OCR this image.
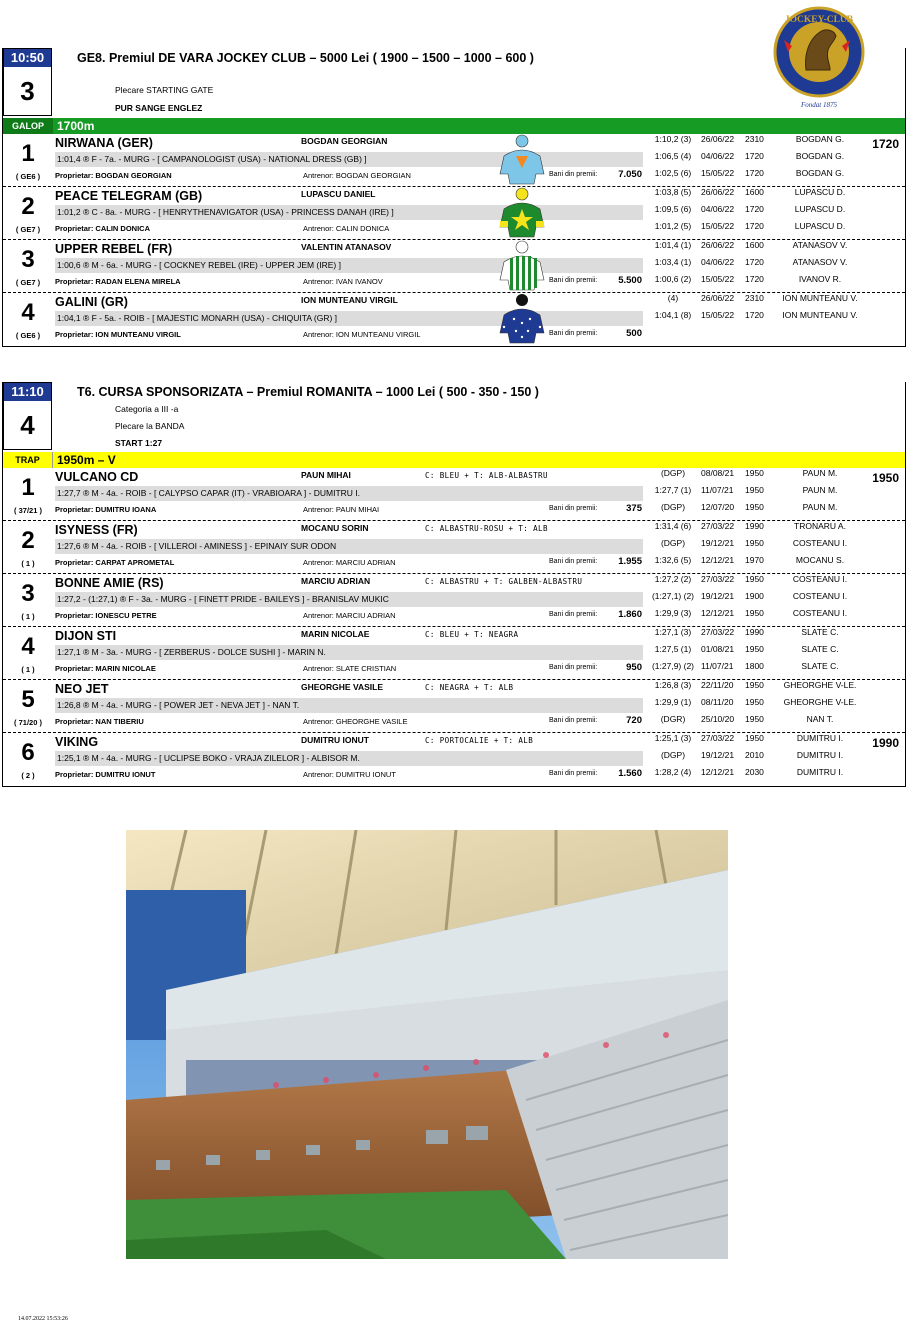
JOCKEY-CLUB
Fondat 1875
10:50
3
GE8. Premiul DE VARA JOCKEY CLUB – 5000 Lei ( 1900 – 1500 – 1000 – 600 )
Plecare STARTING GATE
PUR SANGE ENGLEZ
GALOP	1700m
1
( GE6 )
NIRWANA (GER)	BOGDAN GEORGIAN
1:01,4 ® F - 7a. - MURG - [ CAMPANOLOGIST (USA) - NATIONAL DRESS (GB) ]
Proprietar: BOGDAN GEORGIAN	Antrenor: BOGDAN GEORGIAN	Bani din premii:	7.050
1:10,2 (3)	26/06/22 2310	BOGDAN G.
1:06,5 (4)	04/06/22 1720	BOGDAN G.
1:02,5 (6)	15/05/22 1720	BOGDAN G.
1720
2
( GE7 )
PEACE TELEGRAM (GB)	LUPASCU DANIEL
1:01,2 ® C - 8a. - MURG - [ HENRYTHENAVIGATOR (USA) - PRINCESS DANAH (IRE) ]
Proprietar: CALIN DONICA	Antrenor: CALIN DONICA
1:03,8 (5)	26/06/22 1600	LUPASCU D.
1:09,5 (6)	04/06/22 1720	LUPASCU D.
1:01,2 (5)	15/05/22 1720	LUPASCU D.
3
( GE7 )
UPPER REBEL (FR)	VALENTIN ATANASOV
1:00,6 ® M - 6a. - MURG - [ COCKNEY REBEL (IRE) - UPPER JEM (IRE) ]
Proprietar: RADAN ELENA MIRELA	Antrenor: IVAN IVANOV	Bani din premii:	5.500
1:01,4 (1)	26/06/22 1600	ATANASOV V.
1:03,4 (1)	04/06/22 1720	ATANASOV V.
1:00,6 (2)	15/05/22 1720	IVANOV R.
4
( GE6 )
GALINI (GR)	ION MUNTEANU VIRGIL
1:04,1 ® F - 5a. - ROIB - [ MAJESTIC MONARH (USA) - CHIQUITA (GR) ]
Proprietar: ION MUNTEANU VIRGIL	Antrenor: ION MUNTEANU VIRGIL	Bani din premii:	500
(4)	26/06/22 2310	ION MUNTEANU V.
1:04,1 (8)	15/05/22 1720	ION MUNTEANU V.
11:10
4
T6. CURSA SPONSORIZATA – Premiul ROMANITA – 1000 Lei ( 500 - 350 - 150 )
Categoria a III -a
Plecare la BANDA
START 1:27
TRAP	1950m – V
1
( 37/21 )
VULCANO CD	PAUN MIHAI	C: BLEU + T: ALB-ALBASTRU
1:27,7 ® M - 4a. - ROIB - [ CALYPSO CAPAR (IT) - VRABIOARA ] - DUMITRU I.
Proprietar: DUMITRU IOANA	Antrenor: PAUN MIHAI	Bani din premii:	375
(DGP)	08/08/21 1950	PAUN M.
1:27,7 (1)	11/07/21 1950	PAUN M.
(DGP)	12/07/20 1950	PAUN M.
1950
2
( 1 )
ISYNESS (FR)	MOCANU SORIN	C: ALBASTRU-ROSU + T: ALB
1:27,6 ® M - 4a. - ROIB - [ VILLEROI - AMINESS ] - EPINAIY SUR ODON
Proprietar: CARPAT APROMETAL	Antrenor: MARCIU ADRIAN	Bani din premii:	1.955
1:31,4 (6)	27/03/22 1990	TRONARU A.
(DGP)	19/12/21 1950	COSTEANU I.
1:32,6 (5)	12/12/21 1970	MOCANU S.
3
( 1 )
BONNE AMIE (RS)	MARCIU ADRIAN	C: ALBASTRU + T: GALBEN-ALBASTRU
1:27,2 - (1:27,1) ® F - 3a. - MURG - [ FINETT PRIDE - BAILEYS ] - BRANISLAV MUKIC
Proprietar: IONESCU PETRE	Antrenor: MARCIU ADRIAN	Bani din premii:	1.860
1:27,2 (2)	27/03/22 1950	COSTEANU I.
(1:27,1) (2) 19/12/21 1900	COSTEANU I.
1:29,9 (3)	12/12/21 1950	COSTEANU I.
4
( 1 )
DIJON STI	MARIN NICOLAE	C: BLEU + T: NEAGRA
1:27,1 ® M - 3a. - MURG - [ ZERBERUS - DOLCE SUSHI ] - MARIN N.
Proprietar: MARIN NICOLAE	Antrenor: SLATE CRISTIAN	Bani din premii:	950
1:27,1 (3)	27/03/22 1990	SLATE C.
1:27,5 (1)	01/08/21 1950	SLATE C.
(1:27,9) (2) 11/07/21 1800	SLATE C.
5
( 71/20 )
NEO JET	GHEORGHE VASILE	C: NEAGRA + T: ALB
1:26,8 ® M - 4a. - MURG - [ POWER JET - NEVA JET ] - NAN T.
Proprietar: NAN TIBERIU	Antrenor: GHEORGHE VASILE	Bani din premii:	720
1:26,8 (3)	22/11/20 1950	GHEORGHE V-LE.
1:29,9 (1)	08/11/20 1950	GHEORGHE V-LE.
(DGR)	25/10/20 1950	NAN T.
6
( 2 )
VIKING	DUMITRU IONUT	C: PORTOCALIE + T: ALB
1:25,1 ® M - 4a. - MURG - [ UCLIPSE BOKO - VRAJA ZILELOR ] - ALBISOR M.
Proprietar: DUMITRU IONUT	Antrenor: DUMITRU IONUT	Bani din premii:	1.560
1:25,1 (3)	27/03/22 1950	DUMITRU I.
(DGP)	19/12/21 2010	DUMITRU I.
1:28,2 (4)	12/12/21 2030	DUMITRU I.
1990
14.07.2022 15:53:26
